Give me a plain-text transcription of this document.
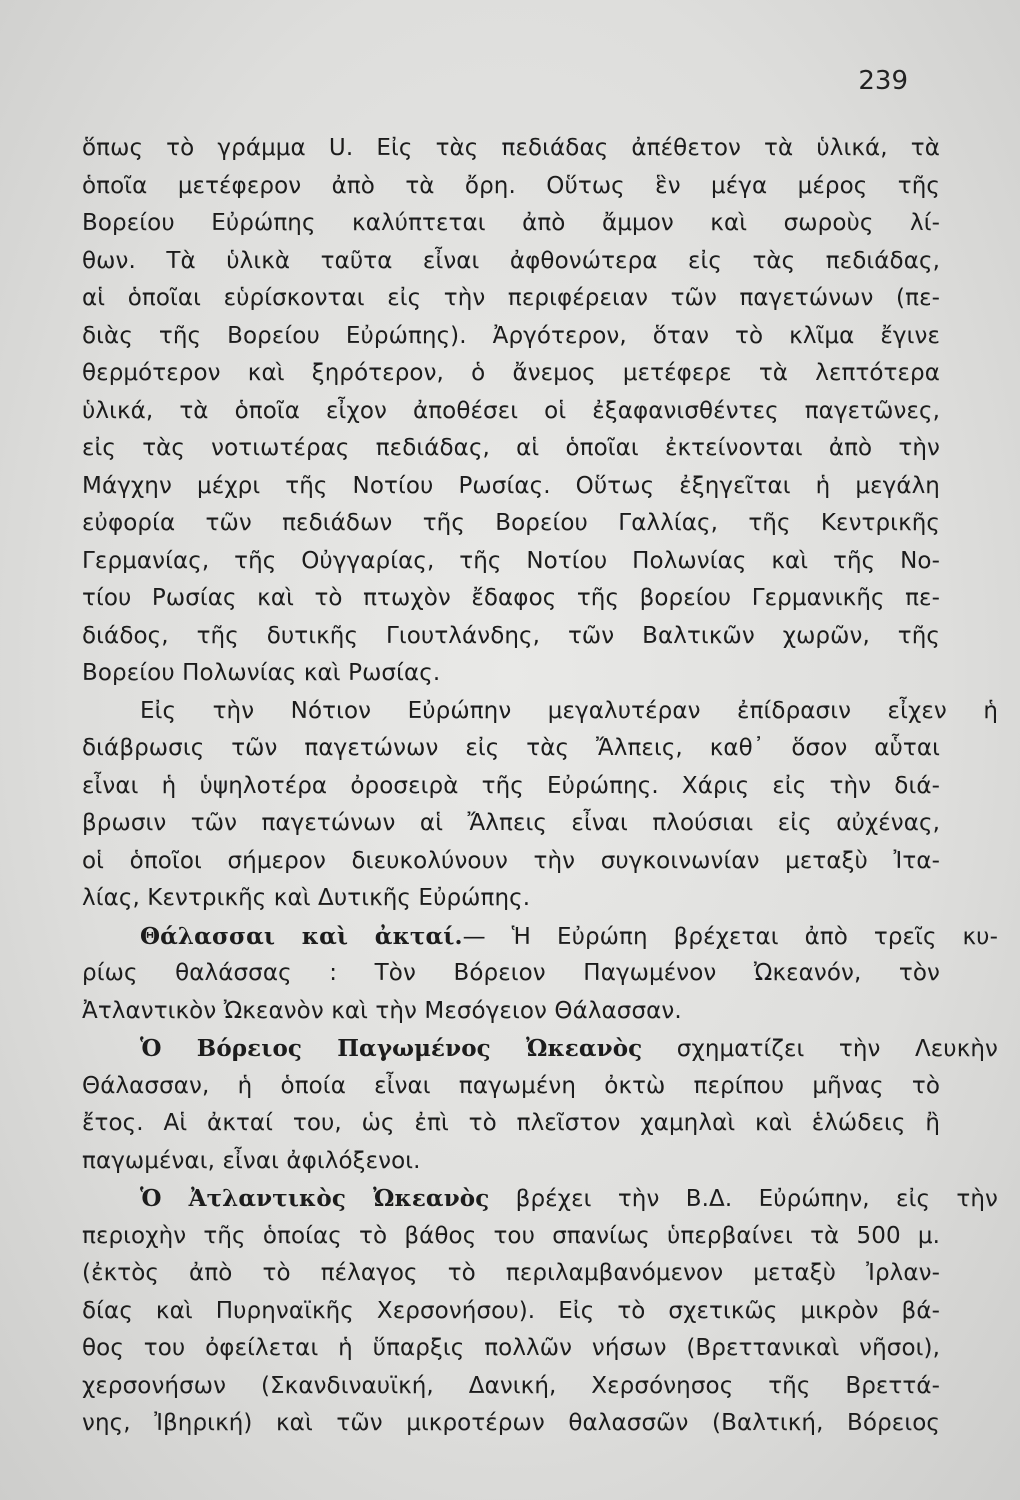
239
ὅπως τὸ γράμμα U. Εἰς τὰς πεδιάδας ἀπέθετον τὰ ὑλικά, τὰ
ὁποῖα μετέφερον ἀπὸ τὰ ὄρη. Οὕτως ἓν μέγα μέρος τῆς
Βορείου Εὐρώπης καλύπτεται ἀπὸ ἄμμον καὶ σωροὺς λί-
θων. Τὰ ὑλικὰ ταῦτα εἶναι ἀφθονώτερα εἰς τὰς πεδιάδας,
αἱ ὁποῖαι εὑρίσκονται εἰς τὴν περιφέρειαν τῶν παγετώνων (πε-
διὰς τῆς Βορείου Εὐρώπης). Ἀργότερον, ὅταν τὸ κλῖμα ἔγινε
θερμότερον καὶ ξηρότερον, ὁ ἄνεμος μετέφερε τὰ λεπτότερα
ὑλικά, τὰ ὁποῖα εἶχον ἀποθέσει οἱ ἐξαφανισθέντες παγετῶνες,
εἰς τὰς νοτιωτέρας πεδιάδας, αἱ ὁποῖαι ἐκτείνονται ἀπὸ τὴν
Μάγχην μέχρι τῆς Νοτίου Ρωσίας. Οὕτως ἐξηγεῖται ἡ μεγάλη
εὐφορία τῶν πεδιάδων τῆς Βορείου Γαλλίας, τῆς Κεντρικῆς
Γερμανίας, τῆς Οὐγγαρίας, τῆς Νοτίου Πολωνίας καὶ τῆς Νο-
τίου Ρωσίας καὶ τὸ πτωχὸν ἔδαφος τῆς βορείου Γερμανικῆς πε-
διάδος, τῆς δυτικῆς Γιουτλάνδης, τῶν Βαλτικῶν χωρῶν, τῆς
Βορείου Πολωνίας καὶ Ρωσίας.
Εἰς τὴν Νότιον Εὐρώπην μεγαλυτέραν ἐπίδρασιν εἶχεν ἡ
διάβρωσις τῶν παγετώνων εἰς τὰς Ἄλπεις, καθ᾽ ὅσον αὗται
εἶναι ἡ ὑψηλοτέρα ὀροσειρὰ τῆς Εὐρώπης. Χάρις εἰς τὴν διά-
βρωσιν τῶν παγετώνων αἱ Ἄλπεις εἶναι πλούσιαι εἰς αὐχένας,
οἱ ὁποῖοι σήμερον διευκολύνουν τὴν συγκοινωνίαν μεταξὺ Ἰτα-
λίας, Κεντρικῆς καὶ Δυτικῆς Εὐρώπης.
Θάλασσαι καὶ ἀκταί.— Ἡ Εὐρώπη βρέχεται ἀπὸ τρεῖς κυ-
ρίως θαλάσσας : Τὸν Βόρειον Παγωμένον Ὠκεανόν, τὸν
Ἀτλαντικὸν Ὠκεανὸν καὶ τὴν Μεσόγειον Θάλασσαν.
Ὁ Βόρειος Παγωμένος Ὠκεανὸς σχηματίζει τὴν Λευκὴν
Θάλασσαν, ἡ ὁποία εἶναι παγωμένη ὀκτὼ περίπου μῆνας τὸ
ἔτος. Αἱ ἀκταί του, ὡς ἐπὶ τὸ πλεῖστον χαμηλαὶ καὶ ἑλώδεις ἢ
παγωμέναι, εἶναι ἀφιλόξενοι.
Ὁ Ἀτλαντικὸς Ὠκεανὸς βρέχει τὴν Β.Δ. Εὐρώπην, εἰς τὴν
περιοχὴν τῆς ὁποίας τὸ βάθος του σπανίως ὑπερβαίνει τὰ 500 μ.
(ἐκτὸς ἀπὸ τὸ πέλαγος τὸ περιλαμβανόμενον μεταξὺ Ἰρλαν-
δίας καὶ Πυρηναϊκῆς Χερσονήσου). Εἰς τὸ σχετικῶς μικρὸν βά-
θος του ὀφείλεται ἡ ὕπαρξις πολλῶν νήσων (Βρεττανικαὶ νῆσοι),
χερσονήσων (Σκανδιναυϊκή, Δανική, Χερσόνησος τῆς Βρεττά-
νης, Ἰβηρική) καὶ τῶν μικροτέρων θαλασσῶν (Βαλτική, Βόρειος
